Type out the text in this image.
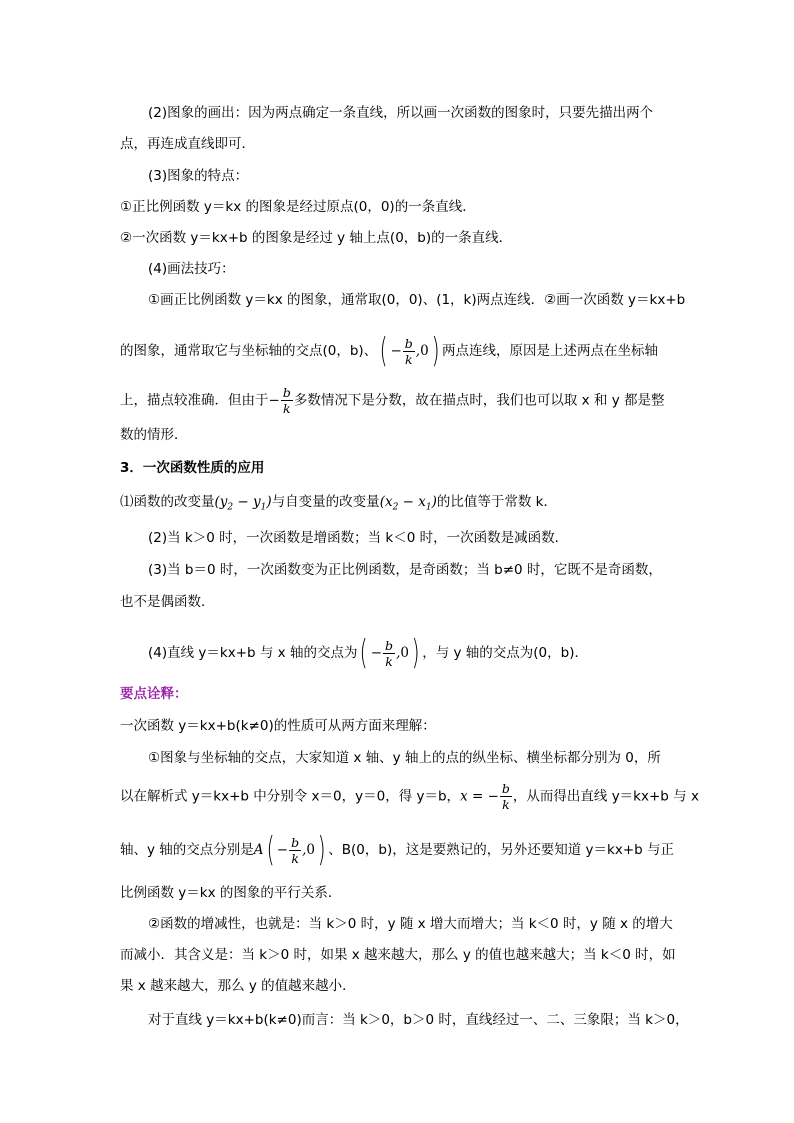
(2)图象的画出：因为两点确定一条直线，所以画一次函数的图象时，只要先描出两个
点，再连成直线即可．
(3)图象的特点：
①正比例函数 y＝kx 的图象是经过原点(0，0)的一条直线．
②一次函数 y＝kx+b 的图象是经过 y 轴上点(0，b)的一条直线．
(4)画法技巧：
①画正比例函数 y＝kx 的图象，通常取(0，0)、(1，k)两点连线．②画一次函数 y＝kx+b
的图象，通常取它与坐标轴的交点(0，b)、( − $\frac{b}{k} ,0$) 两点连线，原因是上述两点在坐标轴
上，描点较准确．但由于− $\frac{b}{k}$ 多数情况下是分数，故在描点时，我们也可以取 x 和 y 都是整
数的情形．
3．一次函数性质的应用
⑴函数的改变量$(y_2 - y_1)$与自变量的改变量$(x_2 - x_1)$的比值等于常数 k．
(2)当 k＞0 时，一次函数是增函数；当 k＜0 时，一次函数是减函数．
(3)当 b＝0 时，一次函数变为正比例函数，是奇函数；当 b≠0 时，它既不是奇函数，
也不是偶函数．
(4)直线 y＝kx+b 与 x 轴的交点为( − $\frac{b}{k} ,0$) ，与 y 轴的交点为(0，b)．
要点诠释：
一次函数 y＝kx+b(k≠0)的性质可从两方面来理解：
①图象与坐标轴的交点，大家知道 x 轴、y 轴上的点的纵坐标、横坐标都分别为 0，所
以在解析式 y＝kx+b 中分别令 x＝0，y＝0，得 y＝b，x = − $\frac{b}{k}$ ，从而得出直线 y＝kx+b 与 x
轴、y 轴的交点分别是$A( - \frac{b}{k} ,0)$ 、B(0，b)，这是要熟记的，另外还要知道 y＝kx+b 与正
比例函数 y＝kx 的图象的平行关系．
②函数的增减性，也就是：当 k＞0 时，y 随 x 增大而增大；当 k＜0 时，y 随 x 的增大
而减小．其含义是：当 k＞0 时，如果 x 越来越大，那么 y 的值也越来越大；当 k＜0 时，如
果 x 越来越大，那么 y 的值越来越小．
对于直线 y＝kx+b(k≠0)而言：当 k＞0，b＞0 时，直线经过一、二、三象限；当 k＞0，
